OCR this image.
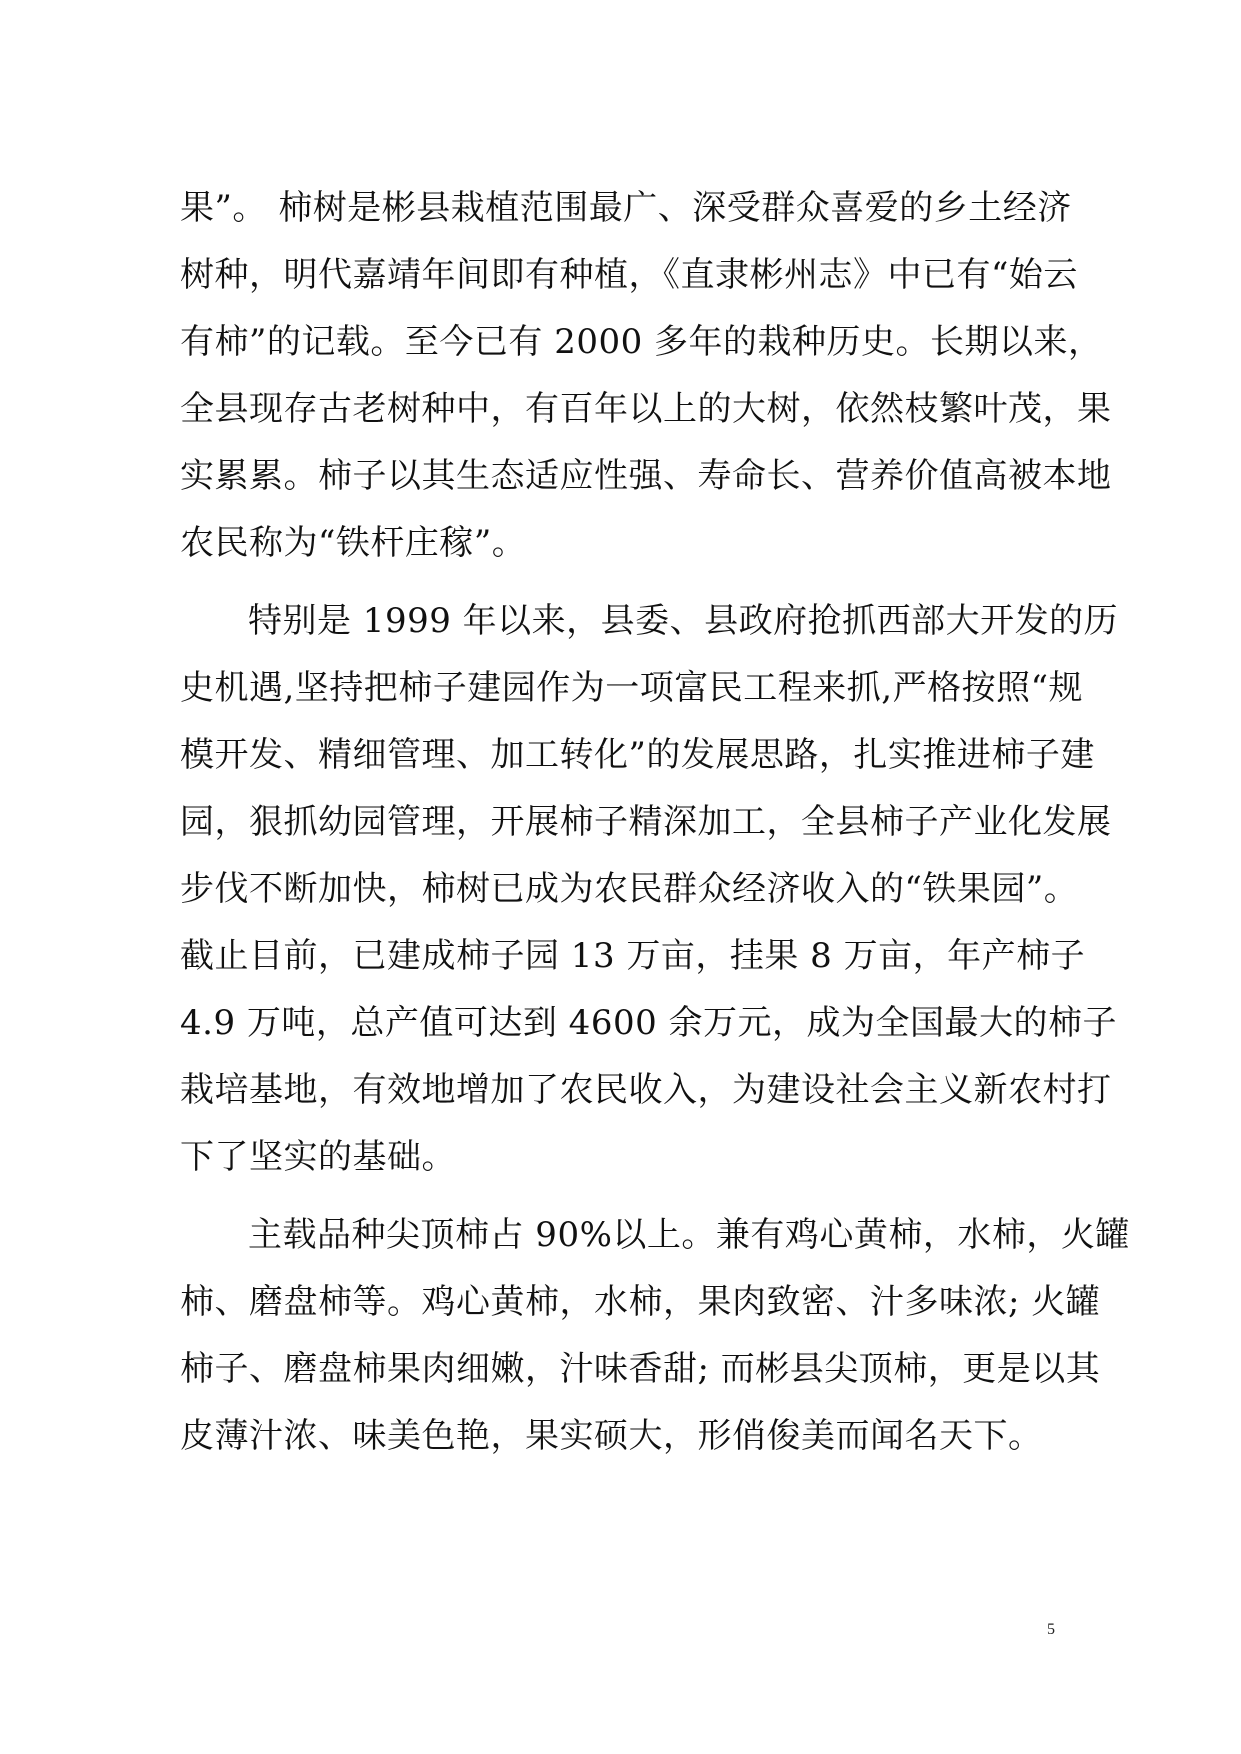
果”。 柿树是彬县栽植范围最广、深受群众喜爱的乡土经济
树种，明代嘉靖年间即有种植，《直隶彬州志》中已有“始云
有柿”的记载。至今已有 2000 多年的栽种历史。长期以来，
全县现存古老树种中，有百年以上的大树，依然枝繁叶茂，果
实累累。柿子以其生态适应性强、寿命长、营养价值高被本地
农民称为“铁杆庄稼”。
特别是 1999 年以来，县委、县政府抢抓西部大开发的历
史机遇,坚持把柿子建园作为一项富民工程来抓,严格按照“规
模开发、精细管理、加工转化”的发展思路，扎实推进柿子建
园，狠抓幼园管理，开展柿子精深加工，全县柿子产业化发展
步伐不断加快，柿树已成为农民群众经济收入的“铁果园”。
截止目前，已建成柿子园 13 万亩，挂果 8 万亩，年产柿子
4.9 万吨，总产值可达到 4600 余万元，成为全国最大的柿子
栽培基地，有效地增加了农民收入，为建设社会主义新农村打
下了坚实的基础。
主载品种尖顶柿占 90%以上。兼有鸡心黄柿，水柿，火罐
柿、磨盘柿等。鸡心黄柿，水柿，果肉致密、汁多味浓; 火罐
柿子、磨盘柿果肉细嫩，汁味香甜; 而彬县尖顶柿，更是以其
皮薄汁浓、味美色艳，果实硕大，形俏俊美而闻名天下。
5
